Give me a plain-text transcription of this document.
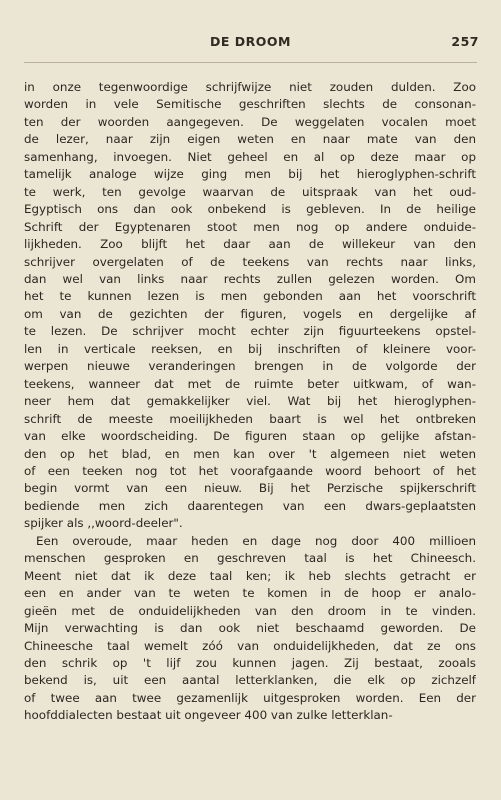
DE DROOM	257
in onze tegenwoordige schrijfwijze niet zouden dulden. Zoo
worden in vele Semitische geschriften slechts de consonan-
ten der woorden aangegeven. De weggelaten vocalen moet
de lezer, naar zijn eigen weten en naar mate van den
samenhang, invoegen. Niet geheel en al op deze maar op
tamelijk analoge wijze ging men bij het hieroglyphen-schrift
te werk, ten gevolge waarvan de uitspraak van het oud-
Egyptisch ons dan ook onbekend is gebleven. In de heilige
Schrift der Egyptenaren stoot men nog op andere onduide-
lijkheden. Zoo blijft het daar aan de willekeur van den
schrijver overgelaten of de teekens van rechts naar links,
dan wel van links naar rechts zullen gelezen worden. Om
het te kunnen lezen is men gebonden aan het voorschrift
om van de gezichten der figuren, vogels en dergelijke af
te lezen. De schrijver mocht echter zijn figuurteekens opstel-
len in verticale reeksen, en bij inschriften of kleinere voor-
werpen nieuwe veranderingen brengen in de volgorde der
teekens, wanneer dat met de ruimte beter uitkwam, of wan-
neer hem dat gemakkelijker viel. Wat bij het hieroglyphen-
schrift de meeste moeilijkheden baart is wel het ontbreken
van elke woordscheiding. De figuren staan op gelijke afstan-
den op het blad, en men kan over 't algemeen niet weten
of een teeken nog tot het voorafgaande woord behoort of het
begin vormt van een nieuw. Bij het Perzische spijkerschrift
bediende men zich daarentegen van een dwars-geplaatsten
spijker als ,,woord-deeler".
Een overoude, maar heden en dage nog door 400 millioen
menschen gesproken en geschreven taal is het Chineesch.
Meent niet dat ik deze taal ken; ik heb slechts getracht er
een en ander van te weten te komen in de hoop er analo-
gieën met de onduidelijkheden van den droom in te vinden.
Mijn verwachting is dan ook niet beschaamd geworden. De
Chineesche taal wemelt zóó van onduidelijkheden, dat ze ons
den schrik op 't lijf zou kunnen jagen. Zij bestaat, zooals
bekend is, uit een aantal letterklanken, die elk op zichzelf
of twee aan twee gezamenlijk uitgesproken worden. Een der
hoofddialecten bestaat uit ongeveer 400 van zulke letterklan-
